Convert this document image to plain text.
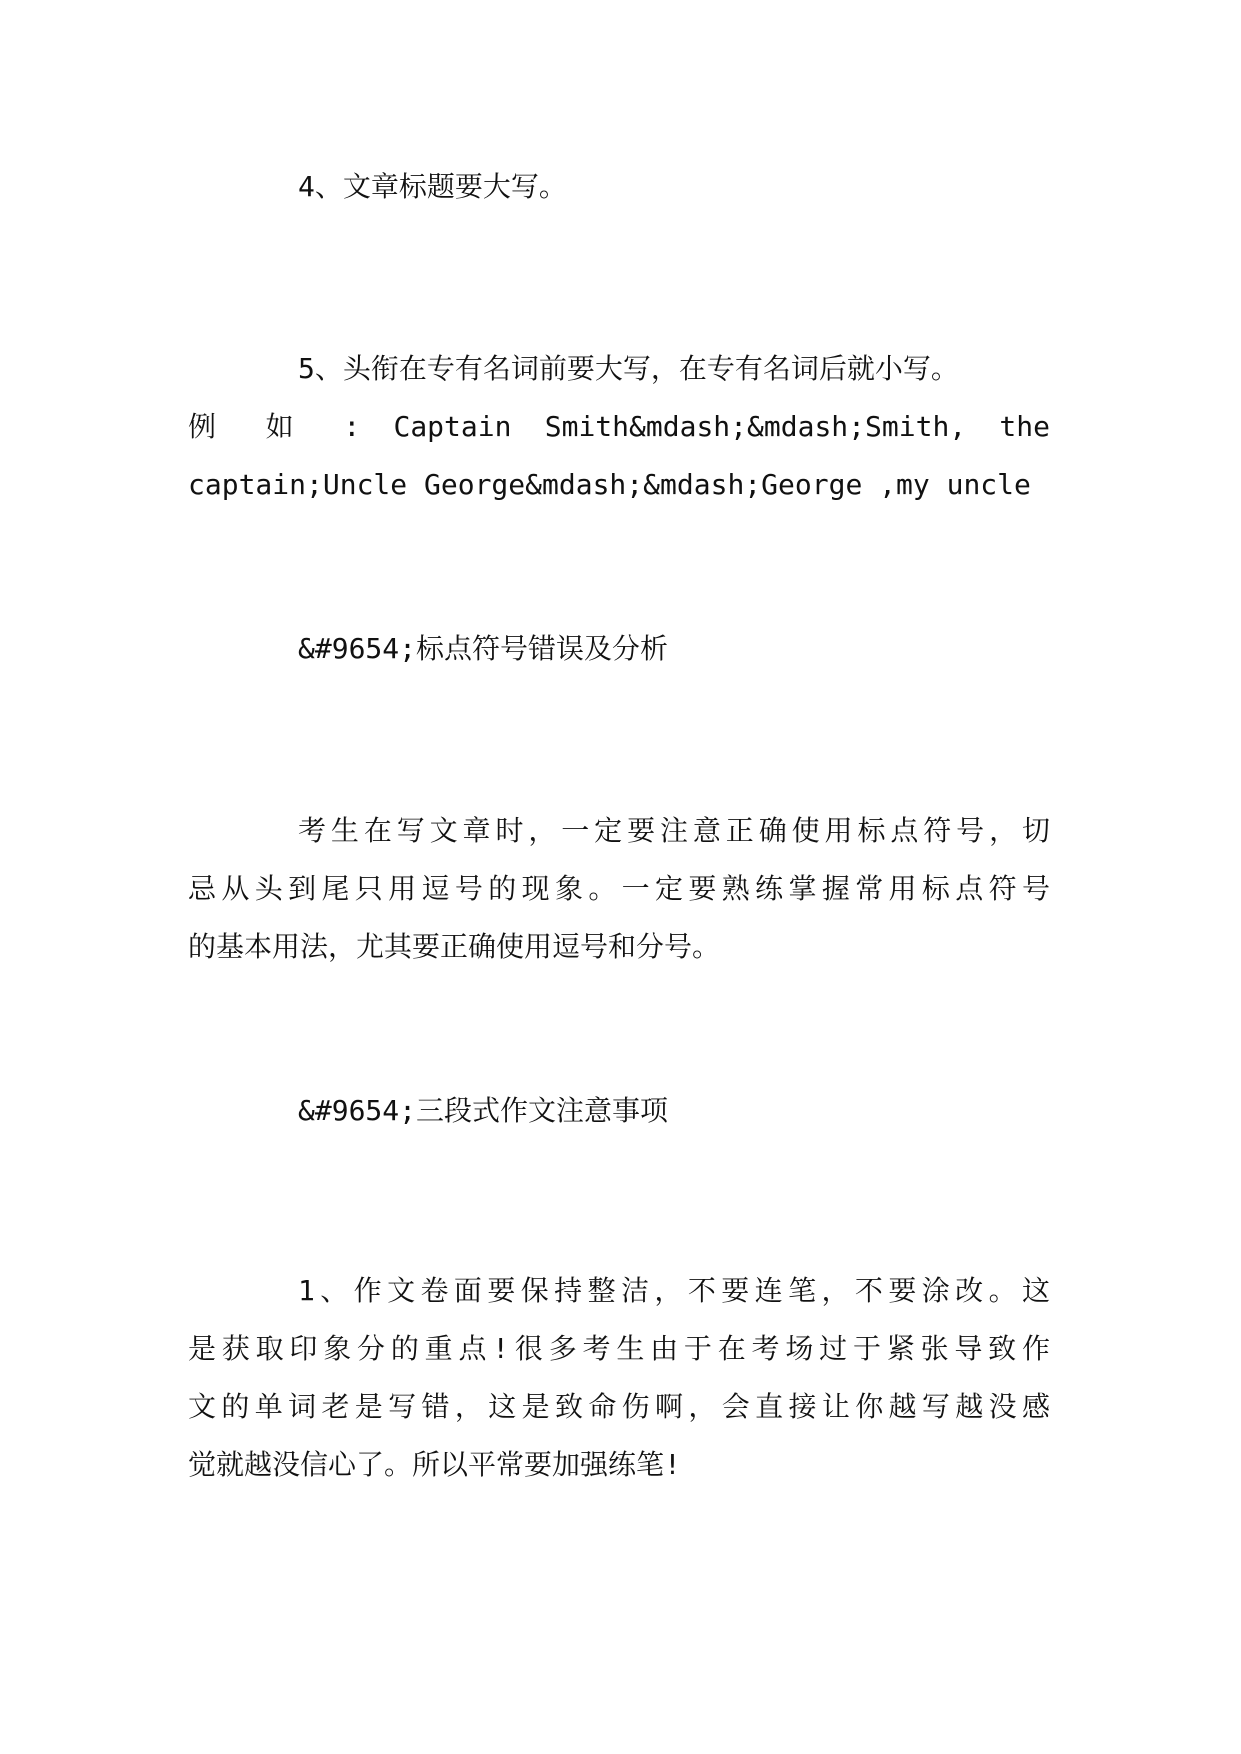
4、文章标题要大写。

5、头衔在专有名词前要大写，在专有名词后就小写。
例 如 : Captain Smith&mdash;&mdash;Smith, the
captain;Uncle George&mdash;&mdash;George ,my uncle

&#9654;标点符号错误及分析

考生在写文章时，一定要注意正确使用标点符号，切
忌从头到尾只用逗号的现象。一定要熟练掌握常用标点符号
的基本用法，尤其要正确使用逗号和分号。

&#9654;三段式作文注意事项

1、作文卷面要保持整洁，不要连笔，不要涂改。这
是获取印象分的重点!很多考生由于在考场过于紧张导致作
文的单词老是写错，这是致命伤啊，会直接让你越写越没感
觉就越没信心了。所以平常要加强练笔!
